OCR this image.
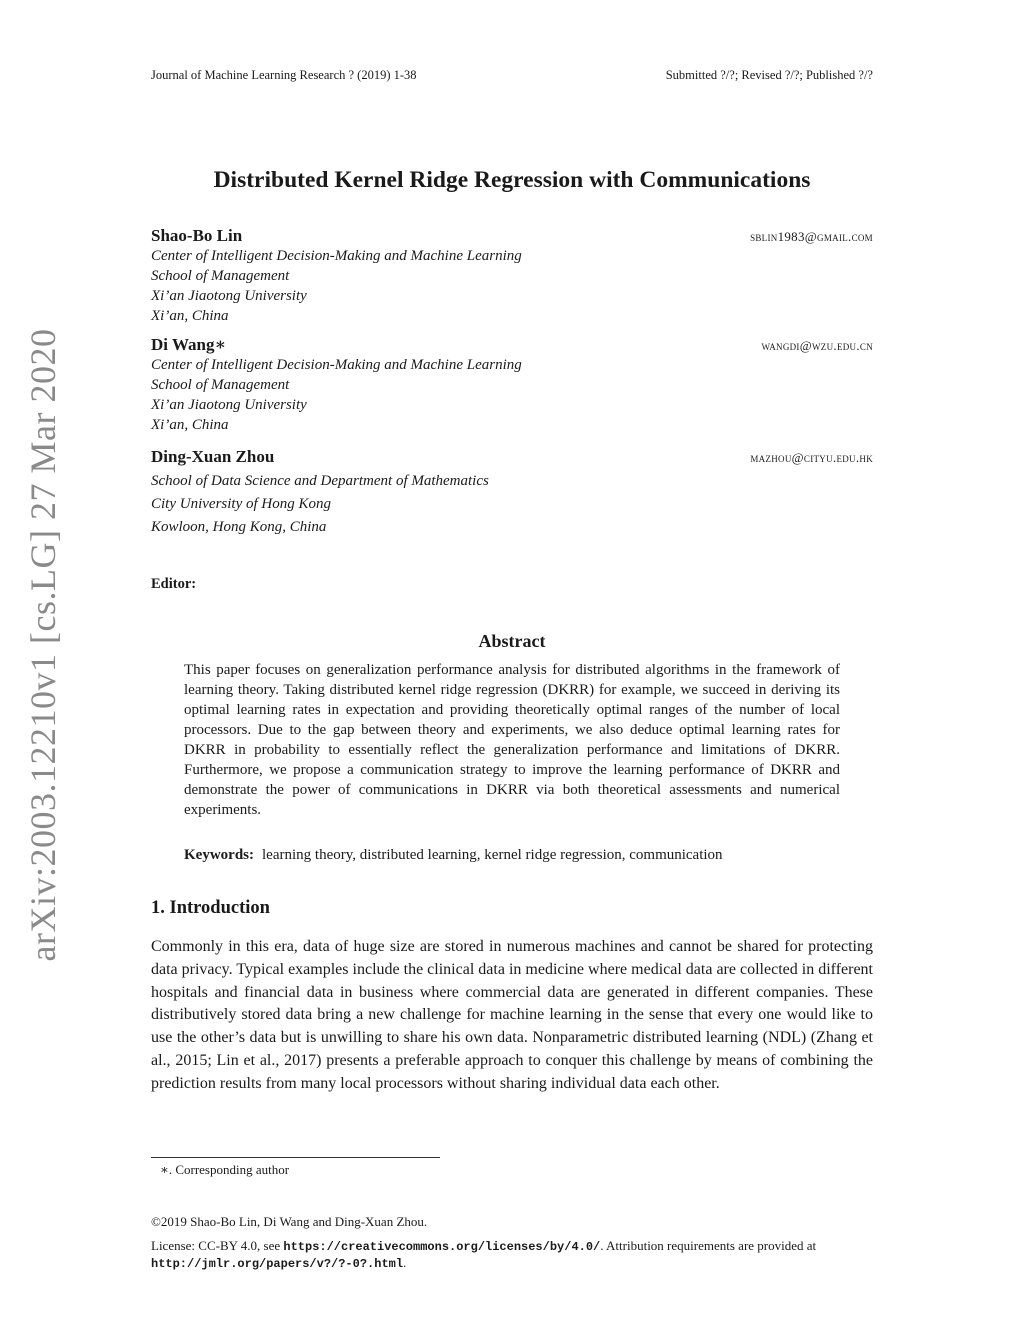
Journal of Machine Learning Research ? (2019) 1-38	Submitted ?/?; Revised ?/?; Published ?/?
arXiv:2003.12210v1 [cs.LG] 27 Mar 2020
Distributed Kernel Ridge Regression with Communications
Shao-Bo Lin	sblin1983@gmail.com
Center of Intelligent Decision-Making and Machine Learning
School of Management
Xi’an Jiaotong University
Xi’an, China
Di Wang∗	wangdi@wzu.edu.cn
Center of Intelligent Decision-Making and Machine Learning
School of Management
Xi’an Jiaotong University
Xi’an, China
Ding-Xuan Zhou	mazhou@cityu.edu.hk
School of Data Science and Department of Mathematics
City University of Hong Kong
Kowloon, Hong Kong, China
Editor:
Abstract
This paper focuses on generalization performance analysis for distributed algorithms in the framework of learning theory. Taking distributed kernel ridge regression (DKRR) for example, we succeed in deriving its optimal learning rates in expectation and providing theoretically optimal ranges of the number of local processors. Due to the gap between theory and experiments, we also deduce optimal learning rates for DKRR in probability to essentially reflect the generalization performance and limitations of DKRR. Furthermore, we propose a communication strategy to improve the learning performance of DKRR and demonstrate the power of communications in DKRR via both theoretical assessments and numerical experiments.
Keywords: learning theory, distributed learning, kernel ridge regression, communication
1. Introduction
Commonly in this era, data of huge size are stored in numerous machines and cannot be shared for protecting data privacy. Typical examples include the clinical data in medicine where medical data are collected in different hospitals and financial data in business where commercial data are generated in different companies. These distributively stored data bring a new challenge for machine learning in the sense that every one would like to use the other’s data but is unwilling to share his own data. Nonparametric distributed learning (NDL) (Zhang et al., 2015; Lin et al., 2017) presents a preferable approach to conquer this challenge by means of combining the prediction results from many local processors without sharing individual data each other.
∗. Corresponding author
©2019 Shao-Bo Lin, Di Wang and Ding-Xuan Zhou.
License: CC-BY 4.0, see https://creativecommons.org/licenses/by/4.0/. Attribution requirements are provided at http://jmlr.org/papers/v?/?-0?.html.
